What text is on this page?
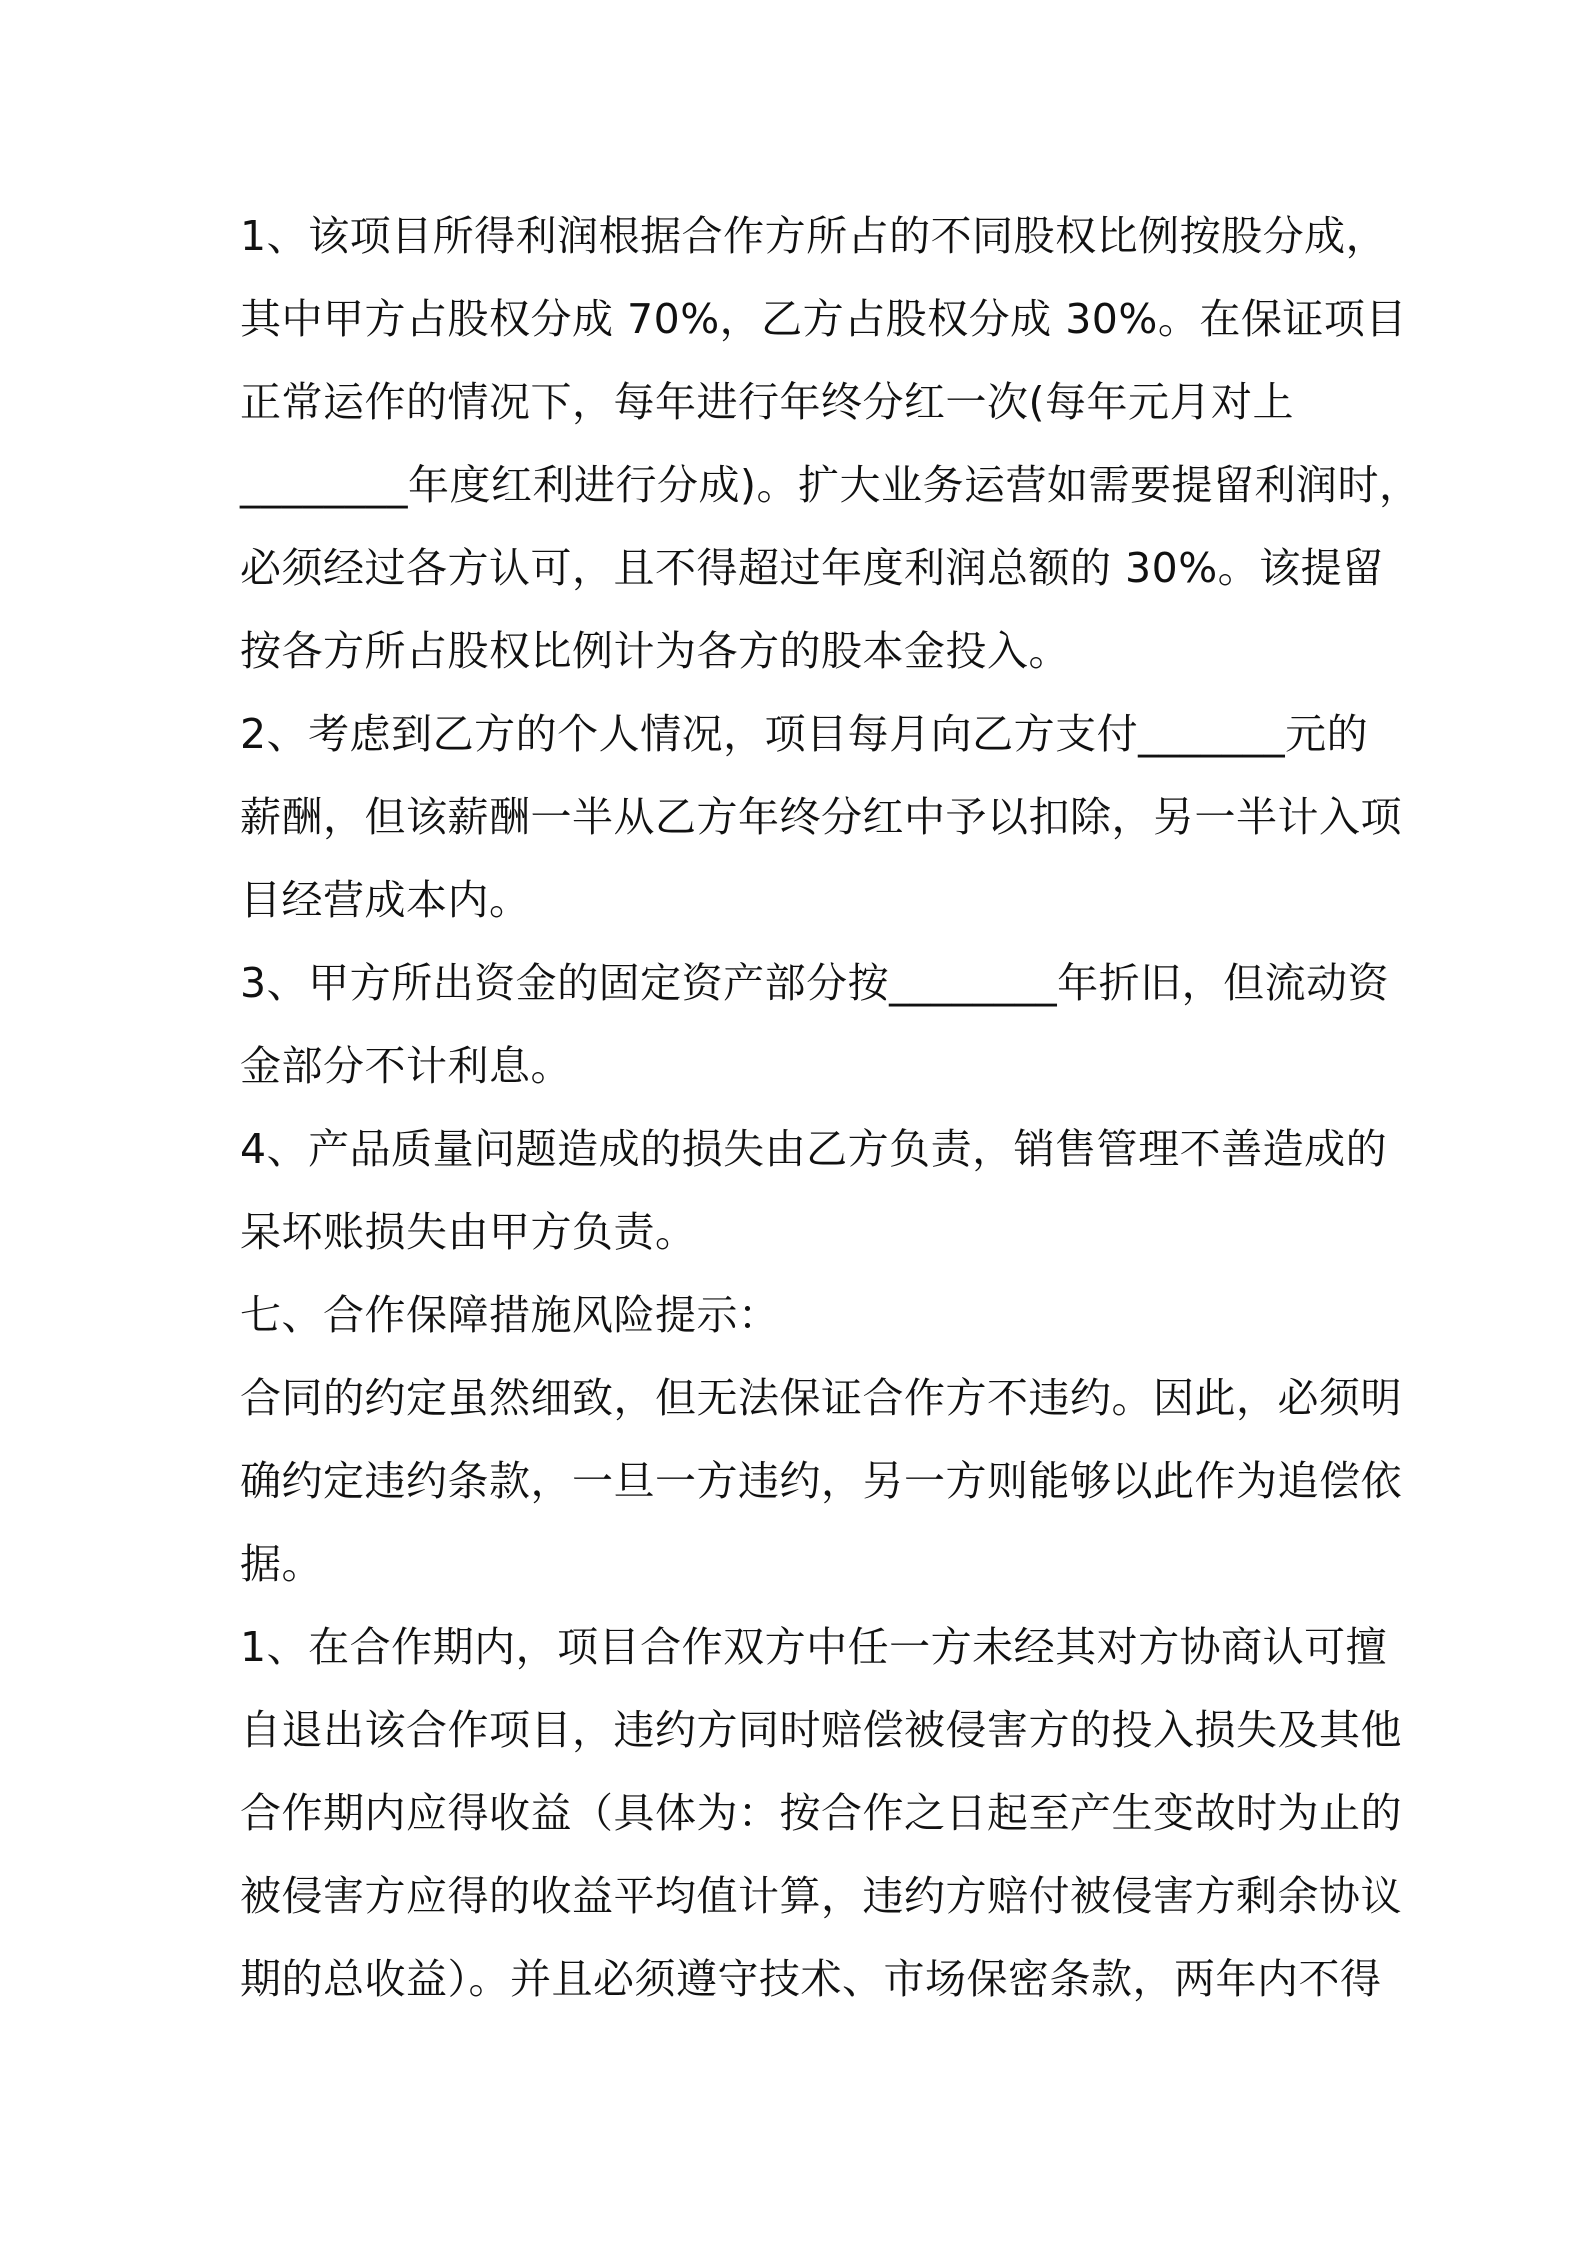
1、该项目所得利润根据合作方所占的不同股权比例按股分成，
其中甲方占股权分成 70%，乙方占股权分成 30%。在保证项目
正常运作的情况下，每年进行年终分红一次(每年元月对上
________年度红利进行分成)。扩大业务运营如需要提留利润时，
必须经过各方认可，且不得超过年度利润总额的 30%。该提留
按各方所占股权比例计为各方的股本金投入。
2、考虑到乙方的个人情况，项目每月向乙方支付_______元的
薪酬，但该薪酬一半从乙方年终分红中予以扣除，另一半计入项
目经营成本内。
3、甲方所出资金的固定资产部分按________年折旧，但流动资
金部分不计利息。
4、产品质量问题造成的损失由乙方负责，销售管理不善造成的
呆坏账损失由甲方负责。
七、合作保障措施风险提示：
合同的约定虽然细致，但无法保证合作方不违约。因此，必须明
确约定违约条款，一旦一方违约，另一方则能够以此作为追偿依
据。
1、在合作期内，项目合作双方中任一方未经其对方协商认可擅
自退出该合作项目，违约方同时赔偿被侵害方的投入损失及其他
合作期内应得收益（具体为：按合作之日起至产生变故时为止的
被侵害方应得的收益平均值计算，违约方赔付被侵害方剩余协议
期的总收益）。并且必须遵守技术、市场保密条款，两年内不得
